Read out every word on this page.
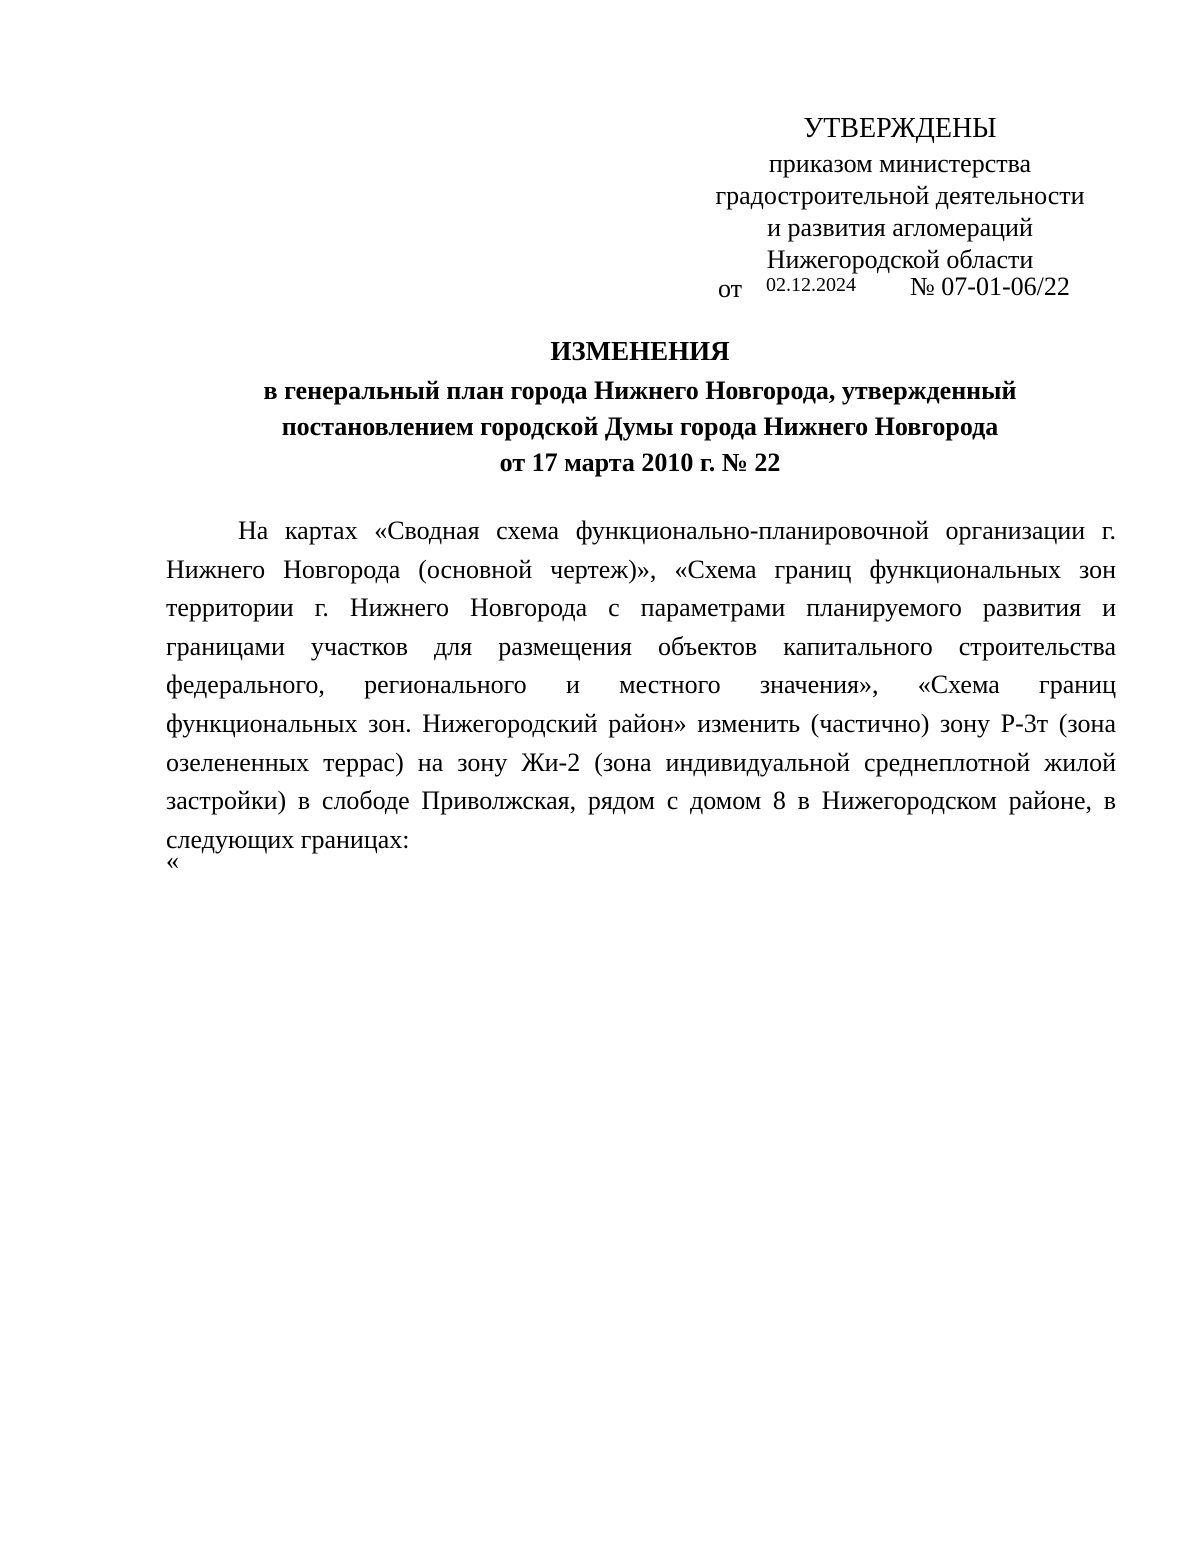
УТВЕРЖДЕНЫ
приказом министерства
градостроительной деятельности
и развития агломераций
Нижегородской области
от 02.12.2024 № 07-01-06/22
ИЗМЕНЕНИЯ
в генеральный план города Нижнего Новгорода, утвержденный
постановлением городской Думы города Нижнего Новгорода
от 17 марта 2010 г. № 22

На картах «Сводная схема функционально-планировочной организации г. Нижнего Новгорода (основной чертеж)», «Схема границ функциональных зон территории г. Нижнего Новгорода с параметрами планируемого развития и границами участков для размещения объектов капитального строительства федерального, регионального и местного значения», «Схема границ функциональных зон. Нижегородский район» изменить (частично) зону Р-3т (зона озелененных террас) на зону Жи-2 (зона индивидуальной среднеплотной жилой застройки) в слободе Приволжская, рядом с домом 8 в Нижегородском районе, в следующих границах:

«
